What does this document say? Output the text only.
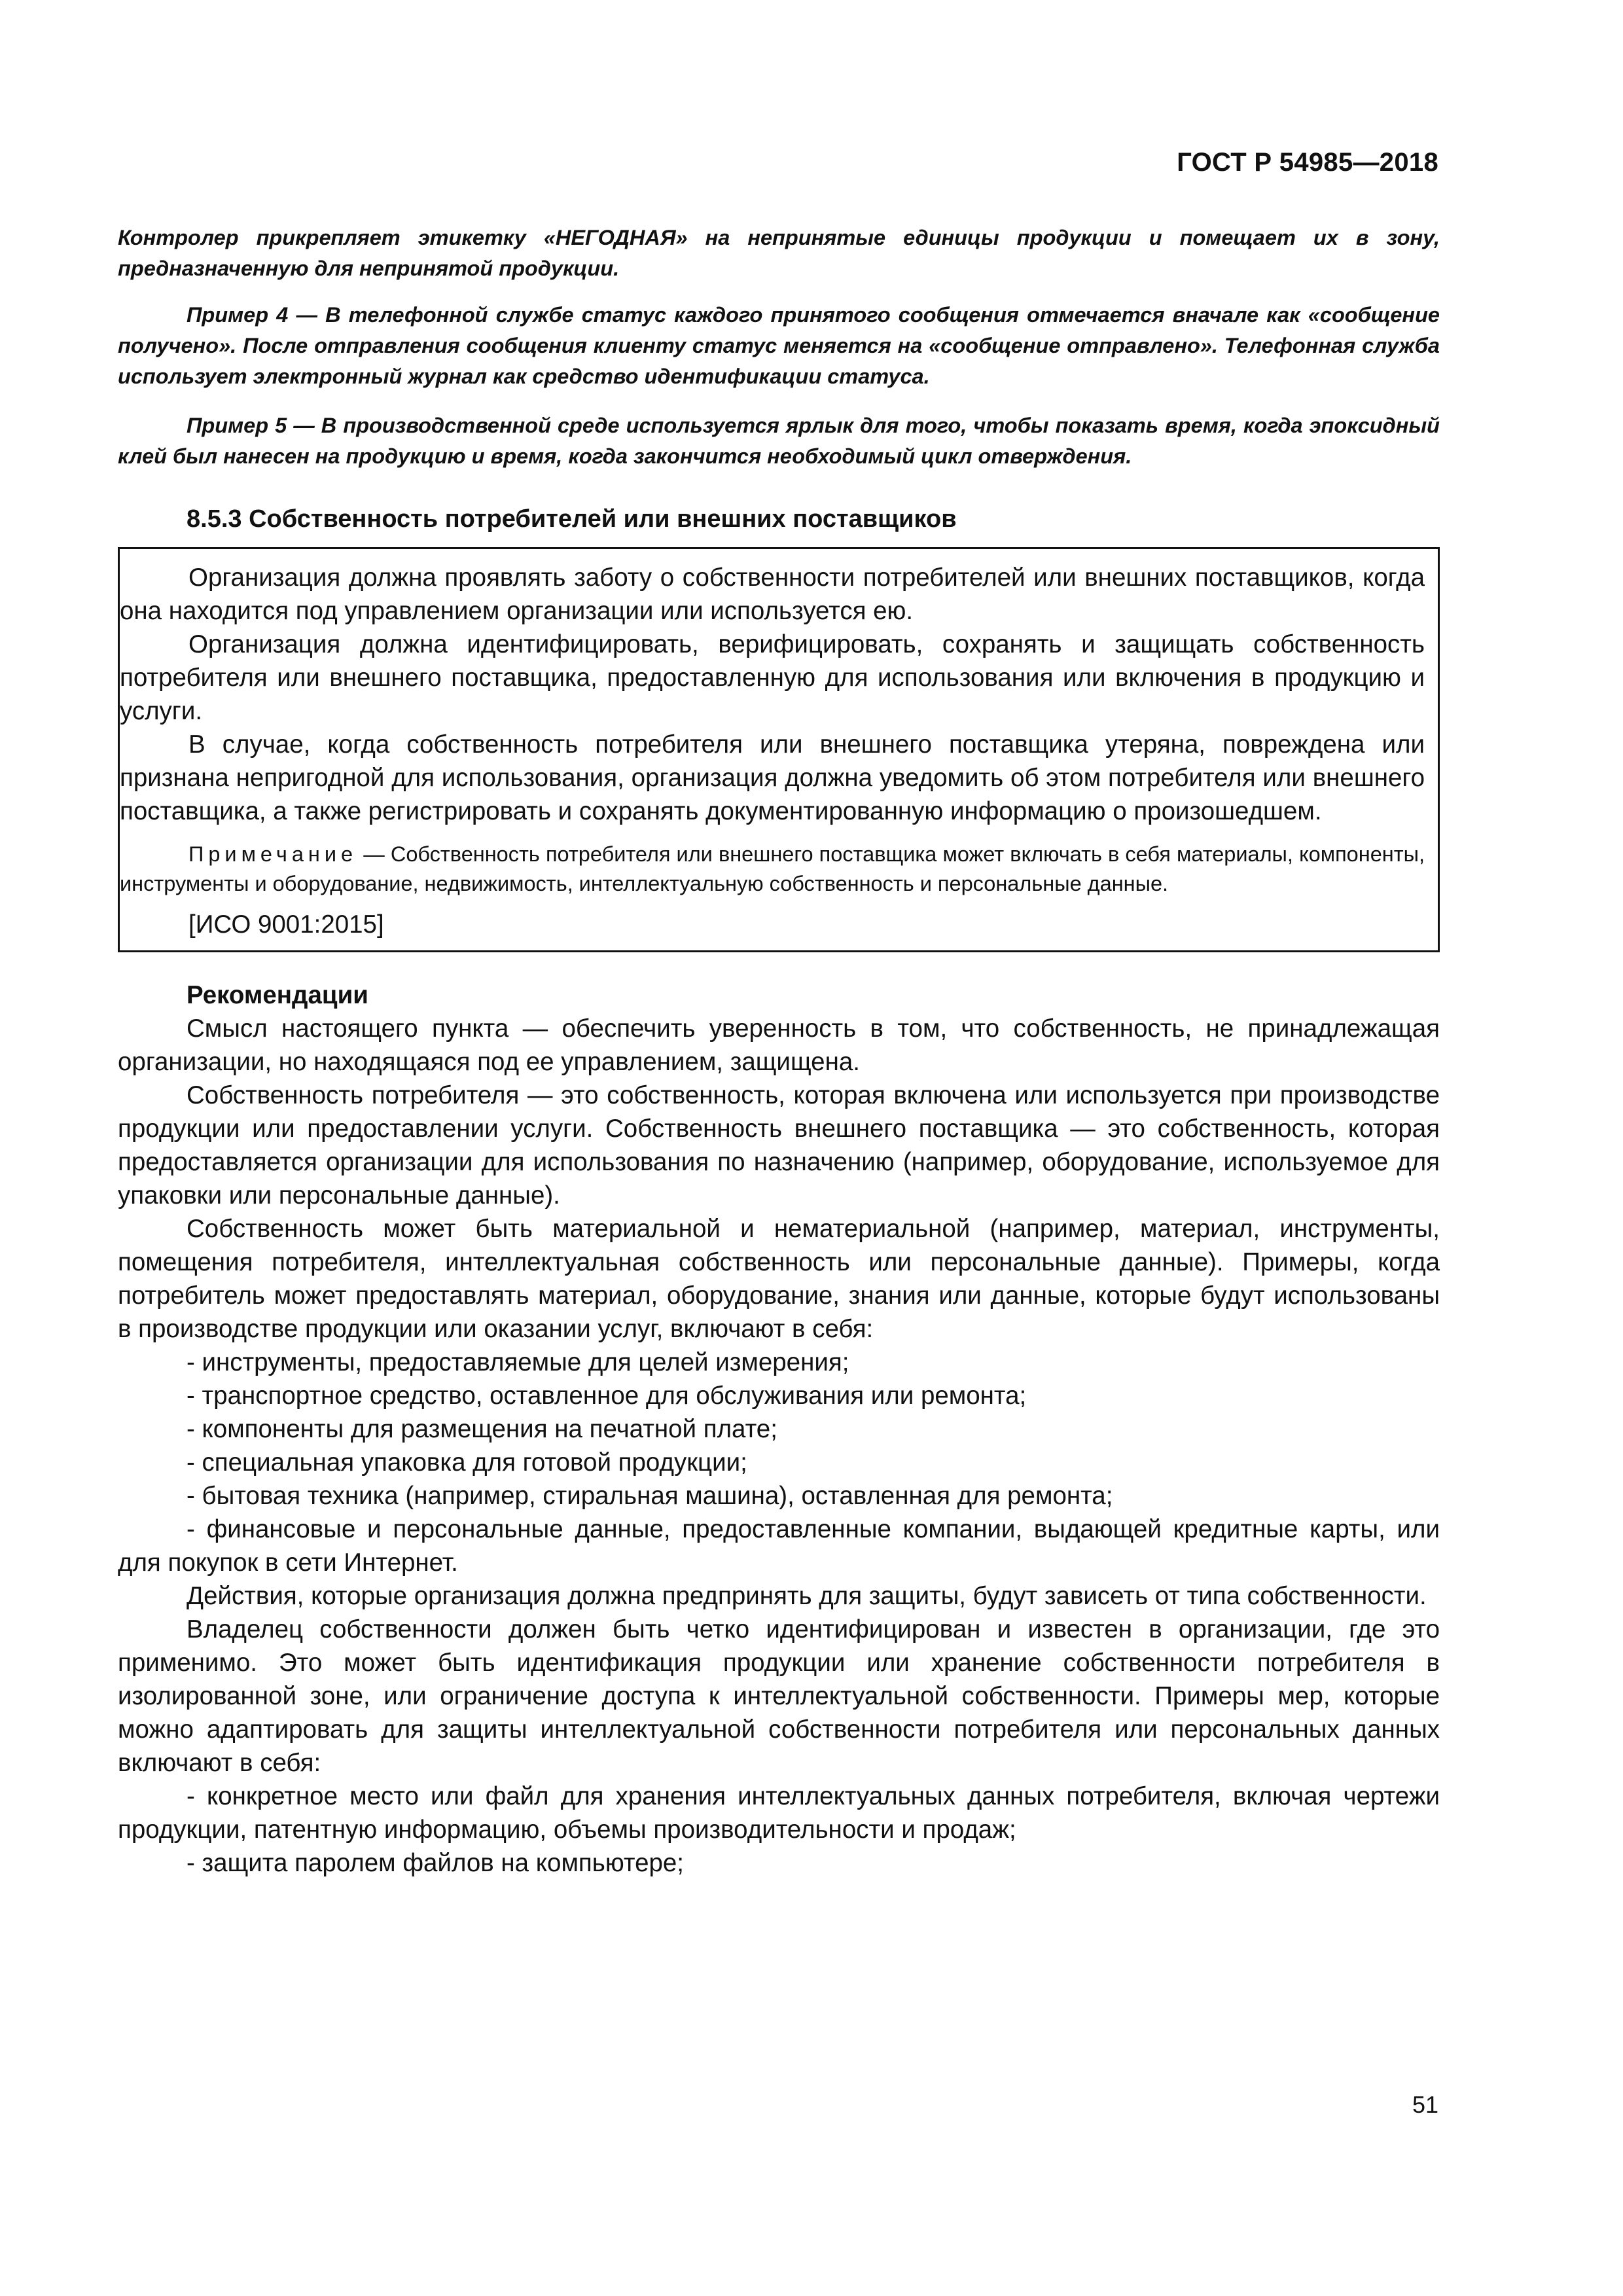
ГОСТ Р 54985—2018

Контролер прикрепляет этикетку «НЕГОДНАЯ» на непринятые единицы продукции и помещает их в зону, предназначенную для непринятой продукции.

Пример 4 — В телефонной службе статус каждого принятого сообщения отмечается вначале как «сообщение получено». После отправления сообщения клиенту статус меняется на «сообщение отправлено». Телефонная служба использует электронный журнал как средство идентификации статуса.

Пример 5 — В производственной среде используется ярлык для того, чтобы показать время, когда эпоксидный клей был нанесен на продукцию и время, когда закончится необходимый цикл отверждения.

8.5.3 Собственность потребителей или внешних поставщиков

Организация должна проявлять заботу о собственности потребителей или внешних поставщиков, когда она находится под управлением организации или используется ею.

Организация должна идентифицировать, верифицировать, сохранять и защищать собственность потребителя или внешнего поставщика, предоставленную для использования или включения в продукцию и услуги.

В случае, когда собственность потребителя или внешнего поставщика утеряна, повреждена или признана непригодной для использования, организация должна уведомить об этом потребителя или внешнего поставщика, а также регистрировать и сохранять документированную информацию о произошедшем.

Примечание — Собственность потребителя или внешнего поставщика может включать в себя материалы, компоненты, инструменты и оборудование, недвижимость, интеллектуальную собственность и персональные данные.

[ИСО 9001:2015]

Рекомендации

Смысл настоящего пункта — обеспечить уверенность в том, что собственность, не принадлежащая организации, но находящаяся под ее управлением, защищена.

Собственность потребителя — это собственность, которая включена или используется при производстве продукции или предоставлении услуги. Собственность внешнего поставщика — это собственность, которая предоставляется организации для использования по назначению (например, оборудование, используемое для упаковки или персональные данные).

Собственность может быть материальной и нематериальной (например, материал, инструменты, помещения потребителя, интеллектуальная собственность или персональные данные). Примеры, когда потребитель может предоставлять материал, оборудование, знания или данные, которые будут использованы в производстве продукции или оказании услуг, включают в себя:

- инструменты, предоставляемые для целей измерения;

- транспортное средство, оставленное для обслуживания или ремонта;

- компоненты для размещения на печатной плате;

- специальная упаковка для готовой продукции;

- бытовая техника (например, стиральная машина), оставленная для ремонта;

- финансовые и персональные данные, предоставленные компании, выдающей кредитные карты, или для покупок в сети Интернет.

Действия, которые организация должна предпринять для защиты, будут зависеть от типа собственности.

Владелец собственности должен быть четко идентифицирован и известен в организации, где это применимо. Это может быть идентификация продукции или хранение собственности потребителя в изолированной зоне, или ограничение доступа к интеллектуальной собственности. Примеры мер, которые можно адаптировать для защиты интеллектуальной собственности потребителя или персональных данных включают в себя:

- конкретное место или файл для хранения интеллектуальных данных потребителя, включая чертежи продукции, патентную информацию, объемы производительности и продаж;

- защита паролем файлов на компьютере;

51
